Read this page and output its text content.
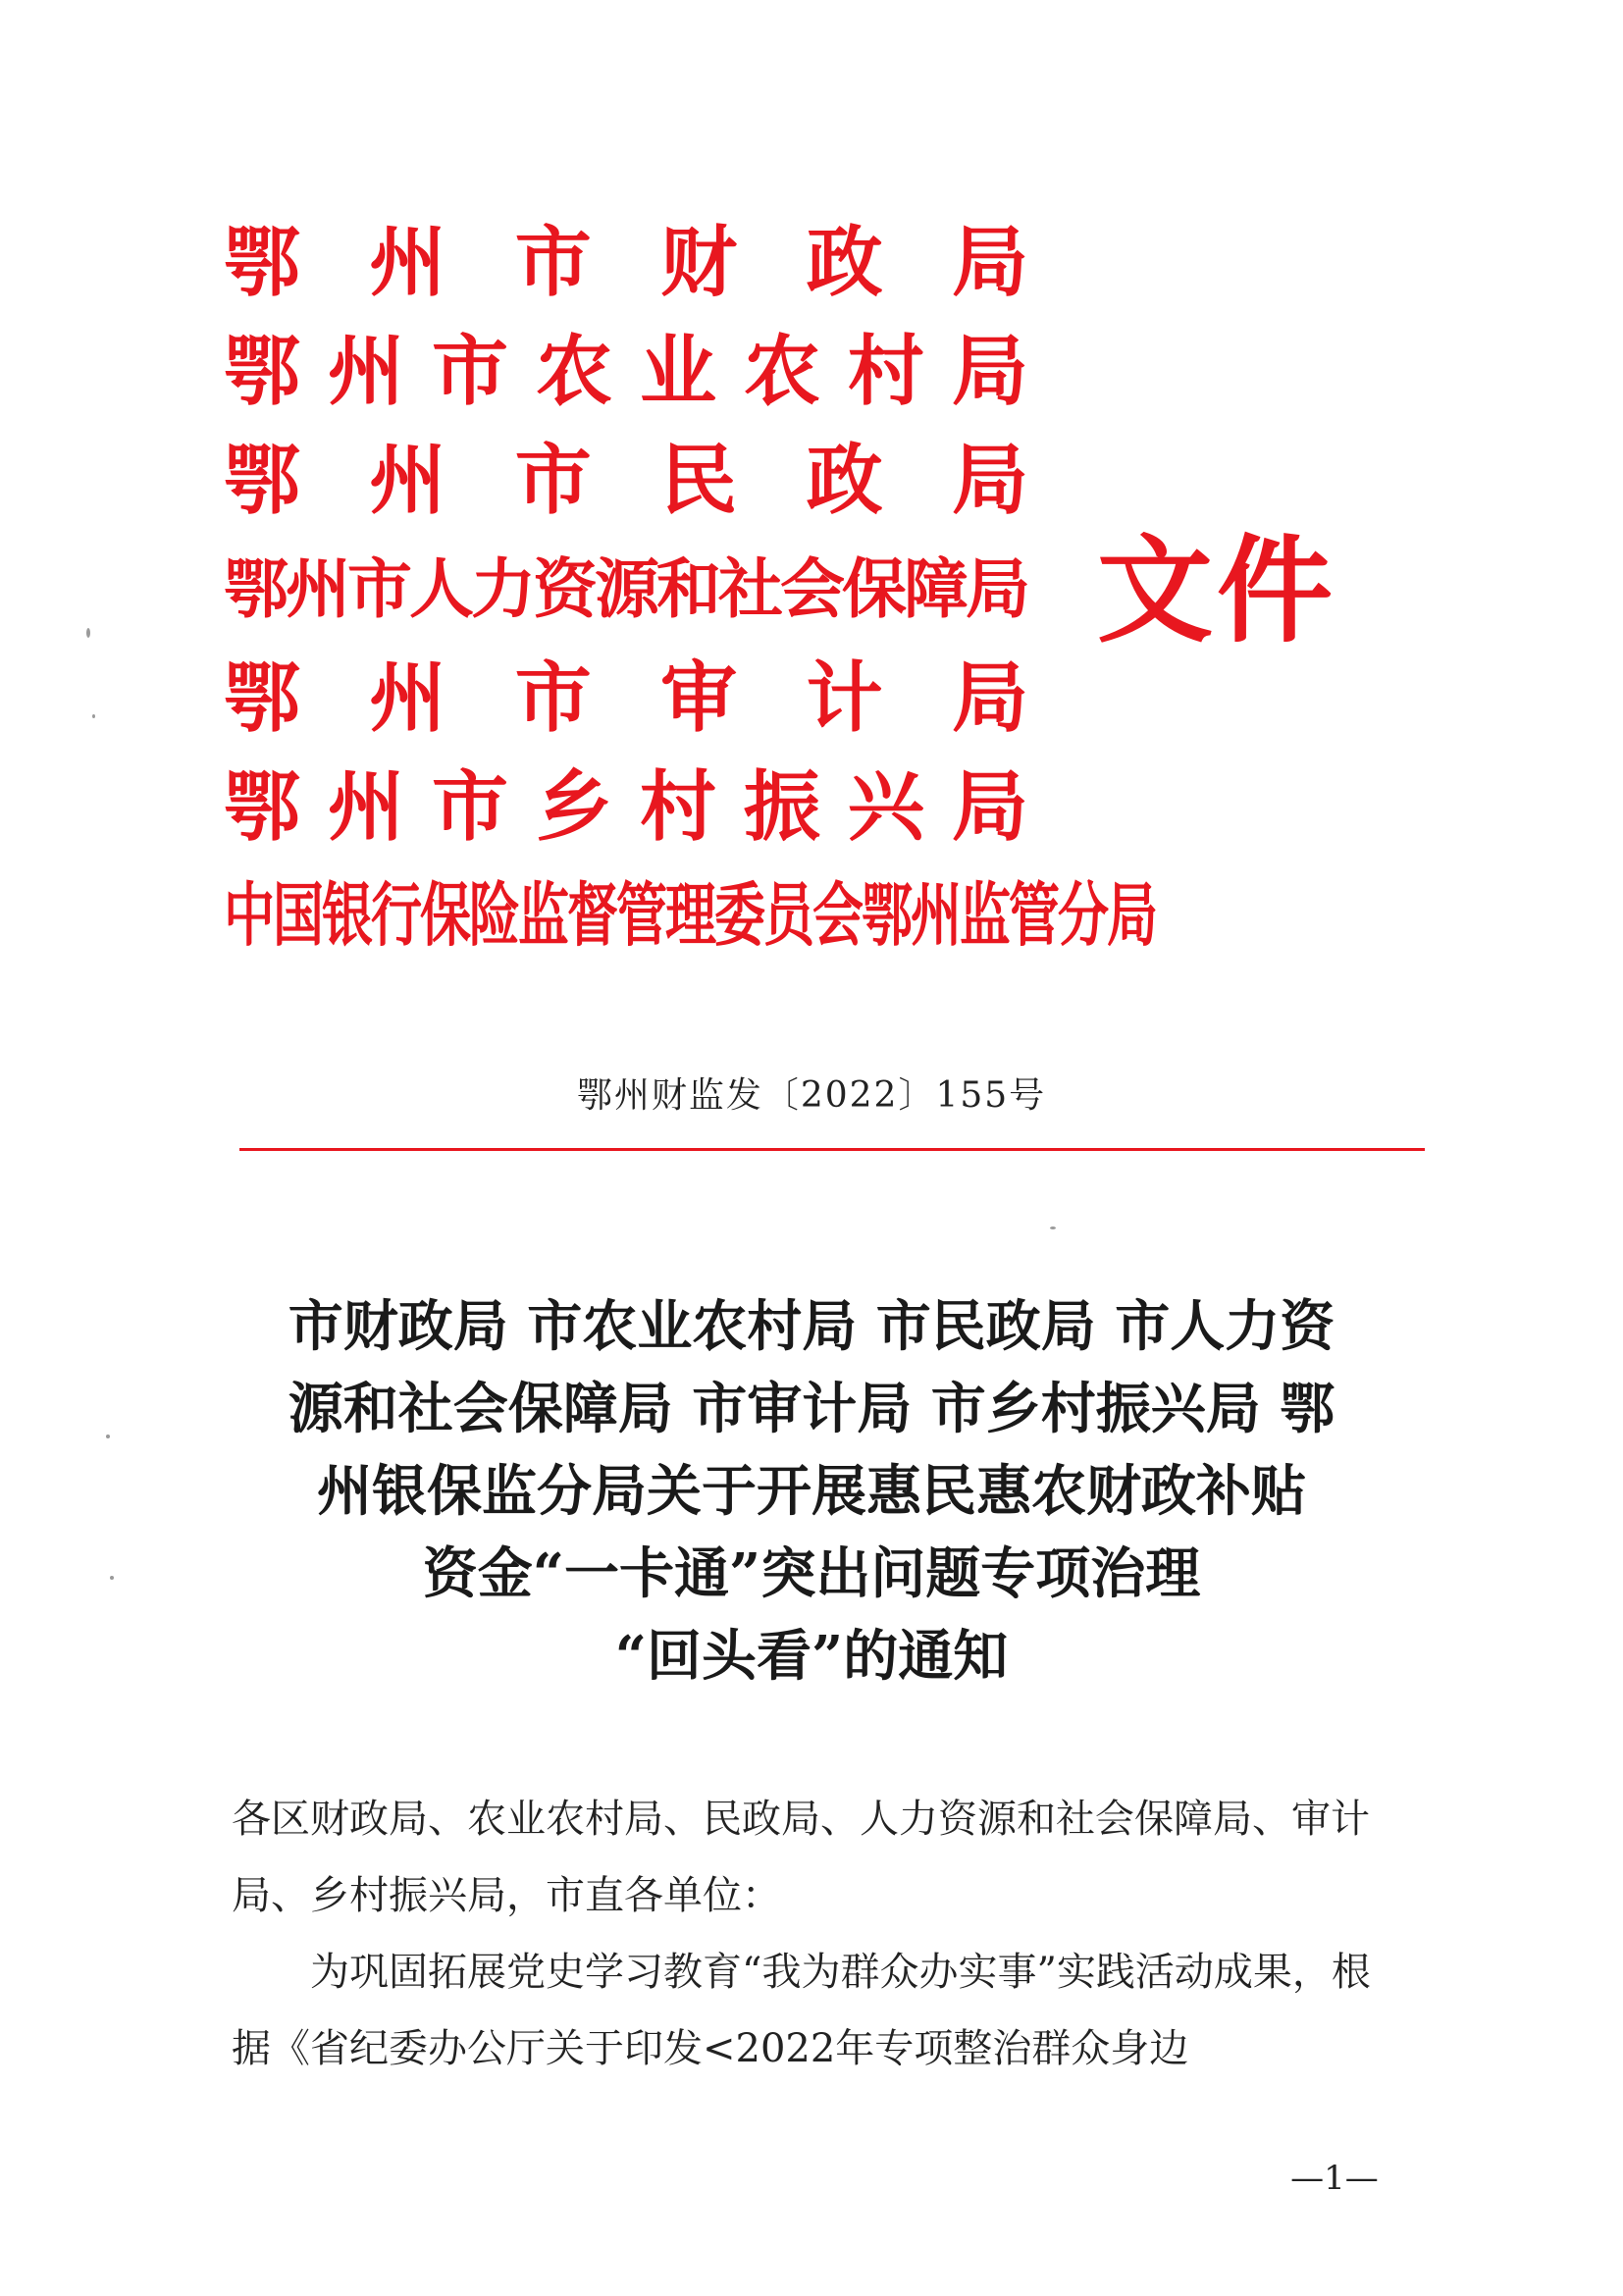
鄂 州 市 财 政 局
鄂 州 市 农 业 农 村 局
鄂 州 市 民 政 局
鄂州市人力资源和社会保障局
鄂 州 市 审 计 局
鄂 州 市 乡 村 振 兴 局
中国银行保险监督管理委员会鄂州监管分局
文件
鄂州财监发〔2022〕155号
市财政局 市农业农村局 市民政局 市人力资
源和社会保障局 市审计局 市乡村振兴局 鄂
州银保监分局关于开展惠民惠农财政补贴
资金“一卡通”突出问题专项治理
“回头看”的通知

各区财政局、农业农村局、民政局、人力资源和社会保障局、审计局、乡村振兴局，市直各单位：

为巩固拓展党史学习教育“我为群众办实事”实践活动成果，根据《省纪委办公厅关于印发<2022年专项整治群众身边

—1—
